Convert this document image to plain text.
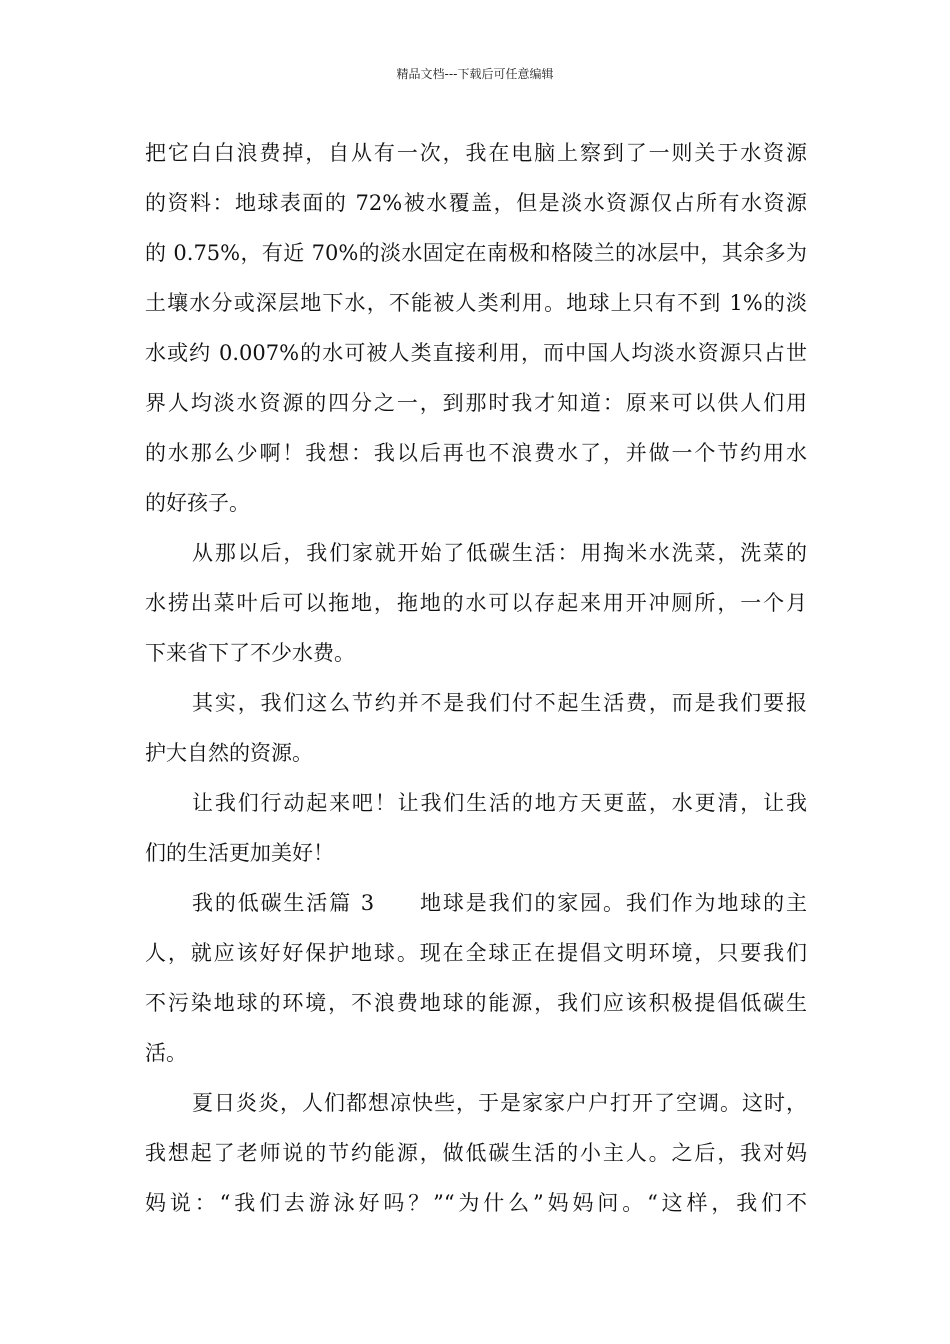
精品文档---下载后可任意编辑
把它白白浪费掉，自从有一次，我在电脑上察到了一则关于水资源
的资料：地球表面的 72%被水覆盖，但是淡水资源仅占所有水资源
的 0.75%，有近 70%的淡水固定在南极和格陵兰的冰层中，其余多为
土壤水分或深层地下水，不能被人类利用。地球上只有不到 1%的淡
水或约 0.007%的水可被人类直接利用，而中国人均淡水资源只占世
界人均淡水资源的四分之一，到那时我才知道：原来可以供人们用
的水那么少啊！我想：我以后再也不浪费水了，并做一个节约用水
的好孩子。
从那以后，我们家就开始了低碳生活：用掏米水洗菜，洗菜的
水捞出菜叶后可以拖地，拖地的水可以存起来用开冲厕所，一个月
下来省下了不少水费。
其实，我们这么节约并不是我们付不起生活费，而是我们要报
护大自然的资源。
让我们行动起来吧！让我们生活的地方天更蓝，水更清，让我
们的生活更加美好！
我的低碳生活篇 3 地球是我们的家园。我们作为地球的主
人，就应该好好保护地球。现在全球正在提倡文明环境，只要我们
不污染地球的环境，不浪费地球的能源，我们应该积极提倡低碳生
活。
夏日炎炎，人们都想凉快些，于是家家户户打开了空调。这时，
我想起了老师说的节约能源，做低碳生活的小主人。之后，我对妈
妈说：“我们去游泳好吗？”“为什么”妈妈问。“这样，我们不
